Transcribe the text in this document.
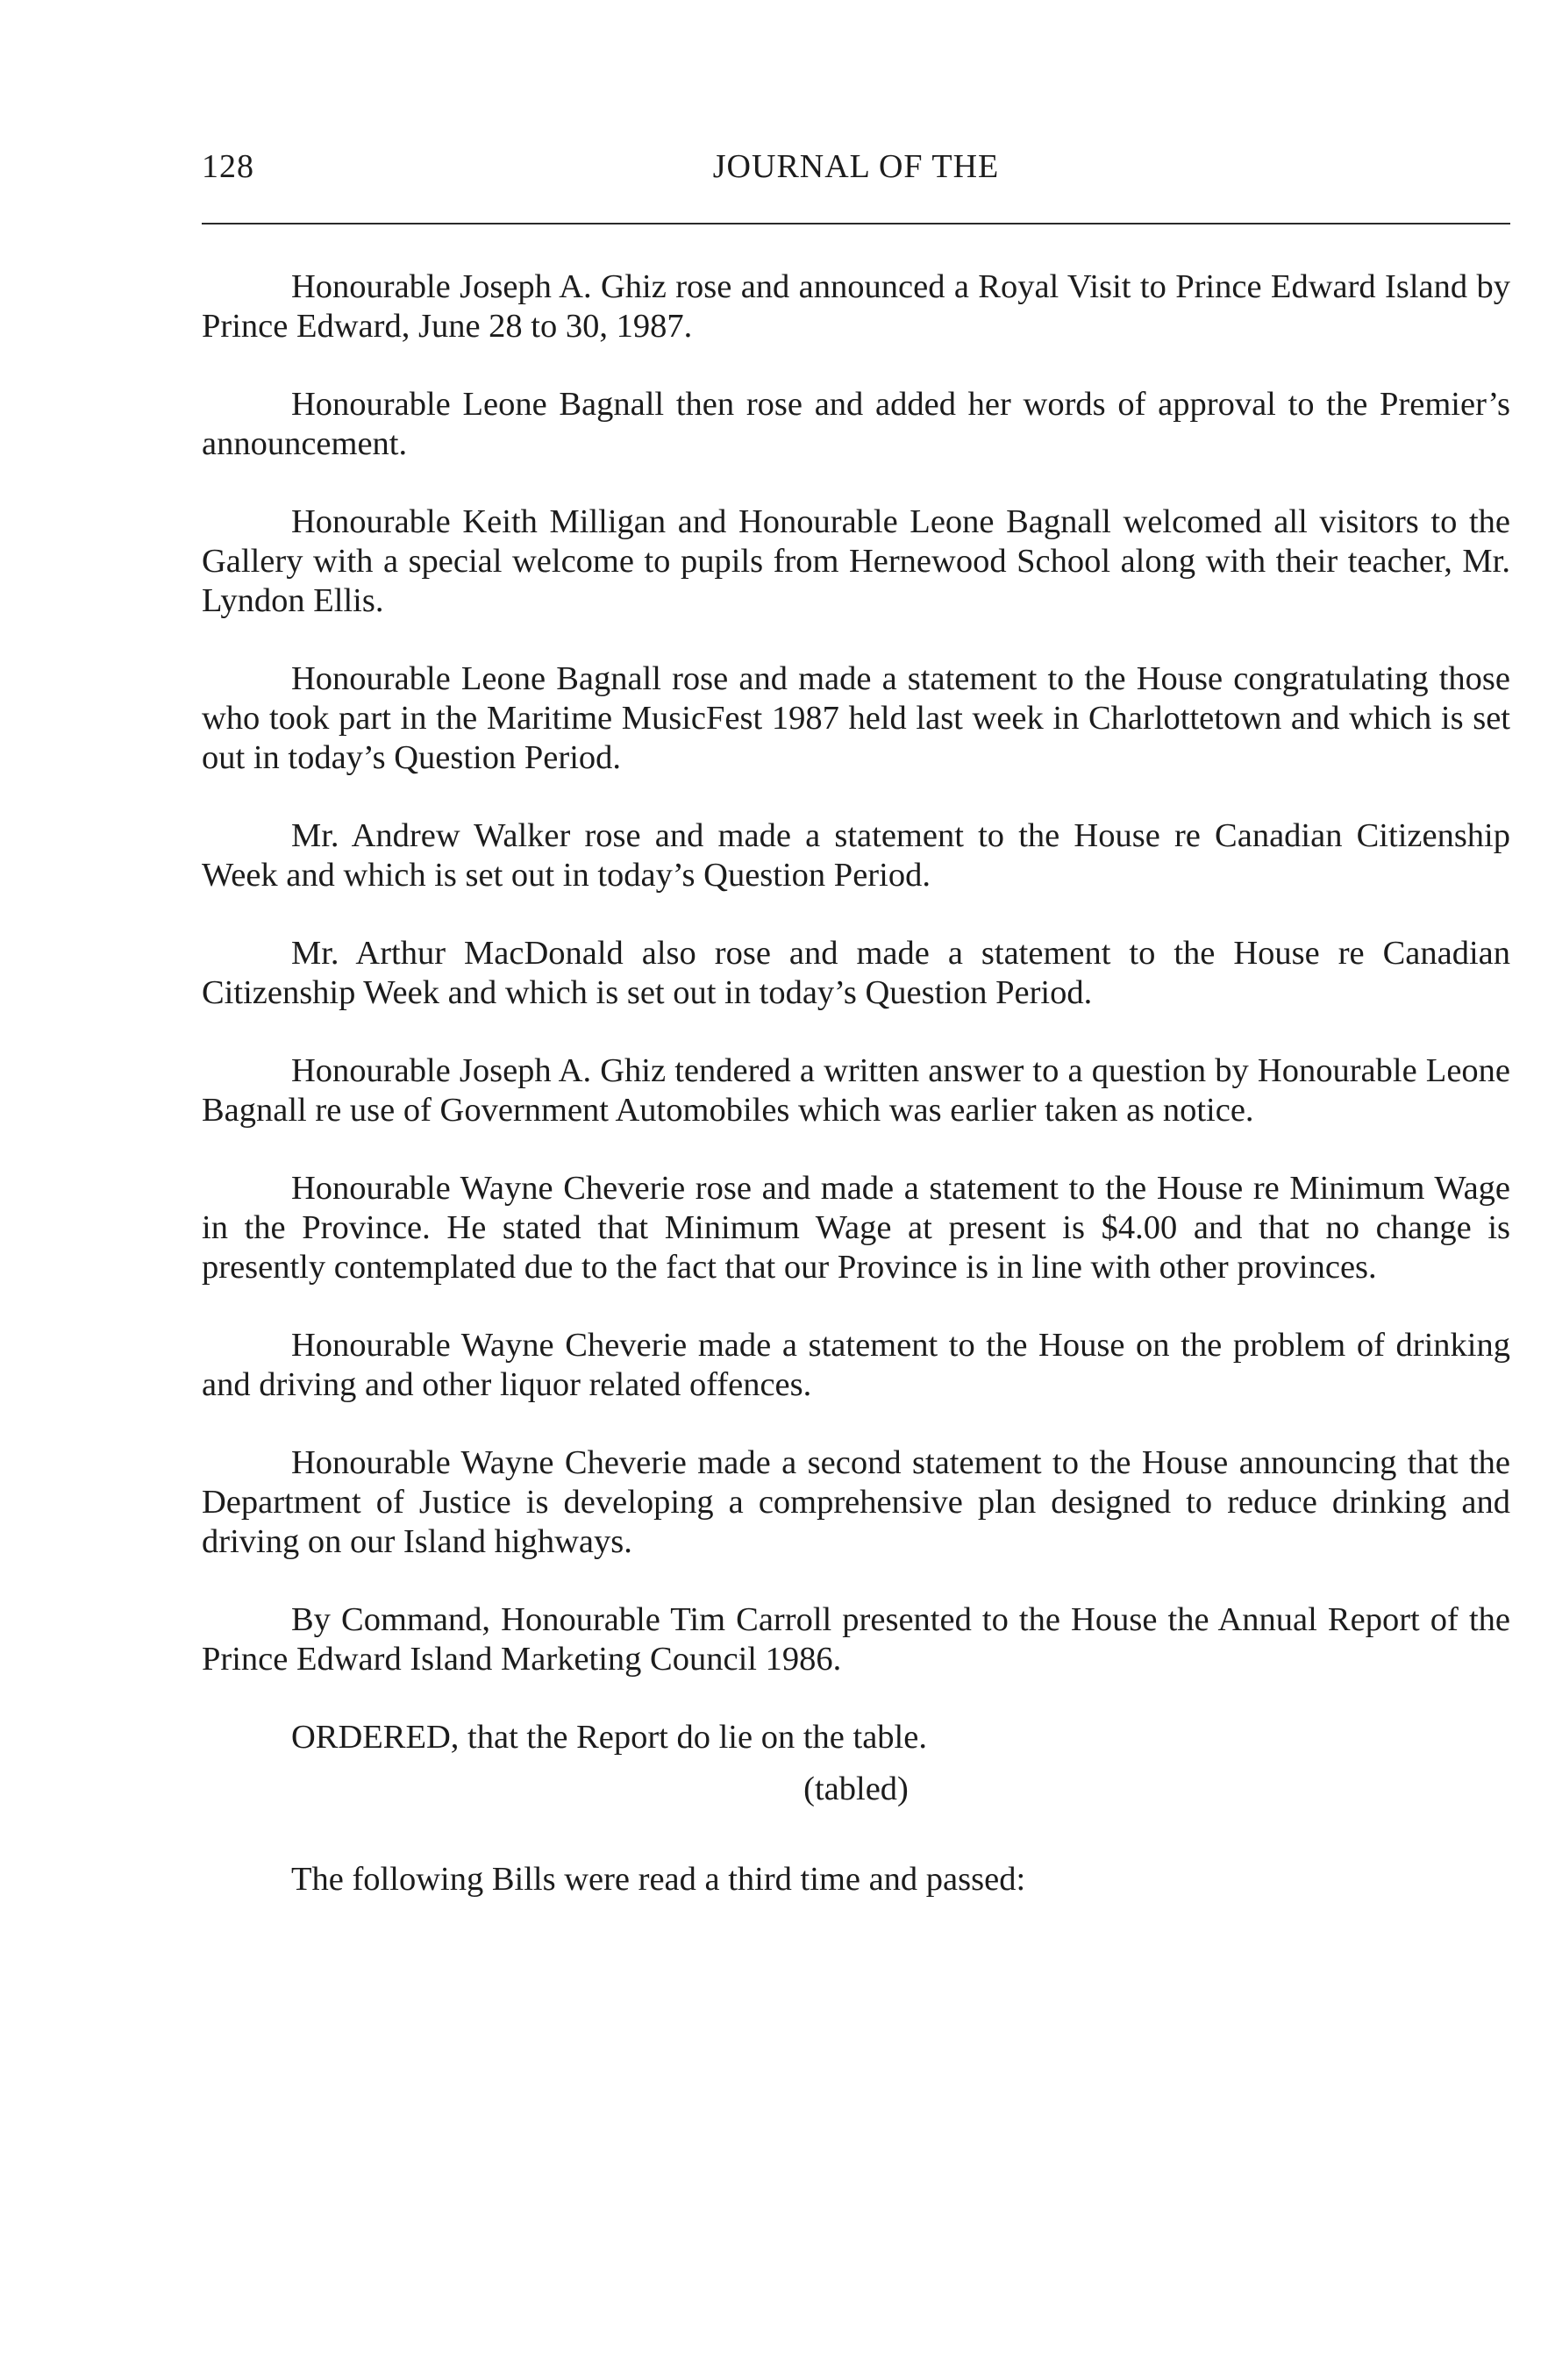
128	JOURNAL OF THE

Honourable Joseph A. Ghiz rose and announced a Royal Visit to Prince Edward Island by Prince Edward, June 28 to 30, 1987.

Honourable Leone Bagnall then rose and added her words of approval to the Premier’s announcement.

Honourable Keith Milligan and Honourable Leone Bagnall welcomed all visitors to the Gallery with a special welcome to pupils from Hernewood School along with their teacher, Mr. Lyndon Ellis.

Honourable Leone Bagnall rose and made a statement to the House congratulating those who took part in the Maritime MusicFest 1987 held last week in Charlottetown and which is set out in today’s Question Period.

Mr. Andrew Walker rose and made a statement to the House re Canadian Citizenship Week and which is set out in today’s Question Period.

Mr. Arthur MacDonald also rose and made a statement to the House re Canadian Citizenship Week and which is set out in today’s Question Period.

Honourable Joseph A. Ghiz tendered a written answer to a question by Honourable Leone Bagnall re use of Government Automobiles which was earlier taken as notice.

Honourable Wayne Cheverie rose and made a statement to the House re Minimum Wage in the Province. He stated that Minimum Wage at present is $4.00 and that no change is presently contemplated due to the fact that our Province is in line with other provinces.

Honourable Wayne Cheverie made a statement to the House on the problem of drinking and driving and other liquor related offences.

Honourable Wayne Cheverie made a second statement to the House announcing that the Department of Justice is developing a comprehensive plan designed to reduce drinking and driving on our Island highways.

By Command, Honourable Tim Carroll presented to the House the Annual Report of the Prince Edward Island Marketing Council 1986.

ORDERED, that the Report do lie on the table.

(tabled)

The following Bills were read a third time and passed:
